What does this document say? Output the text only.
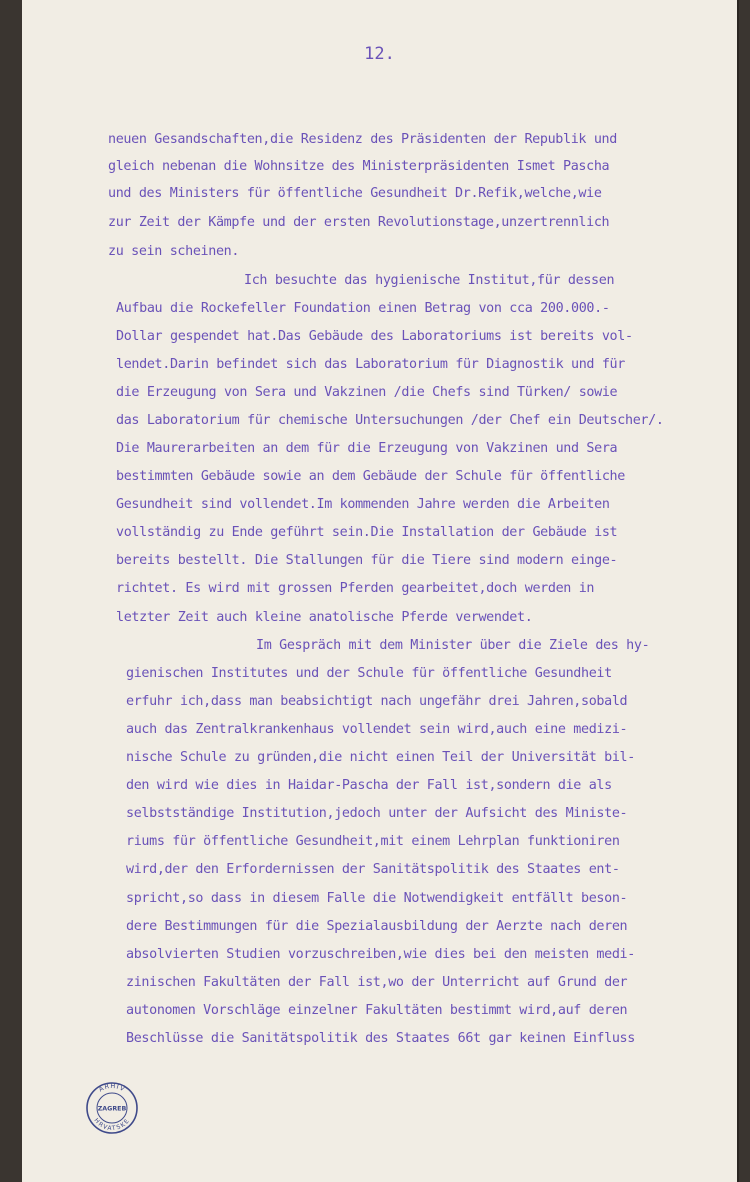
12.
neuen Gesandschaften,die Residenz des Präsidenten der Republik und
gleich nebenan die Wohnsitze des Ministerpräsidenten Ismet Pascha
und des Ministers für öffentliche Gesundheit Dr.Refik,welche,wie
zur Zeit der Kämpfe und der ersten Revolutionstage,unzertrennlich
zu sein scheinen.
Ich besuchte das hygienische Institut,für dessen
Aufbau die Rockefeller Foundation einen Betrag von cca 200.000.-
Dollar gespendet hat.Das Gebäude des Laboratoriums ist bereits vol-
lendet.Darin befindet sich das Laboratorium für Diagnostik und für
die Erzeugung von Sera und Vakzinen /die Chefs sind Türken/ sowie
das Laboratorium für chemische Untersuchungen /der Chef ein Deutscher/.
Die Maurerarbeiten an dem für die Erzeugung von Vakzinen und Sera
bestimmten Gebäude sowie an dem Gebäude der Schule für öffentliche
Gesundheit sind vollendet.Im kommenden Jahre werden die Arbeiten
vollständig zu Ende geführt sein.Die Installation der Gebäude ist
bereits bestellt. Die Stallungen für die Tiere sind modern einge-
richtet. Es wird mit grossen Pferden gearbeitet,doch werden in
letzter Zeit auch kleine anatolische Pferde verwendet.
Im Gespräch mit dem Minister über die Ziele des hy-
gienischen Institutes und der Schule für öffentliche Gesundheit
erfuhr ich,dass man beabsichtigt nach ungefähr drei Jahren,sobald
auch das Zentralkrankenhaus vollendet sein wird,auch eine medizi-
nische Schule zu gründen,die nicht einen Teil der Universität bil-
den wird wie dies in Haidar-Pascha der Fall ist,sondern die als
selbstständige Institution,jedoch unter der Aufsicht des Ministe-
riums für öffentliche Gesundheit,mit einem Lehrplan funktioniren
wird,der den Erfordernissen der Sanitätspolitik des Staates ent-
spricht,so dass in diesem Falle die Notwendigkeit entfällt beson-
dere Bestimmungen für die Spezialausbildung der Aerzte nach deren
absolvierten Studien vorzuschreiben,wie dies bei den meisten medi-
zinischen Fakultäten der Fall ist,wo der Unterricht auf Grund der
autonomen Vorschläge einzelner Fakultäten bestimmt wird,auf deren
Beschlüsse die Sanitätspolitik des Staates 66t gar keinen Einfluss
ARHIV
HRVATSKE
ZAGREB
